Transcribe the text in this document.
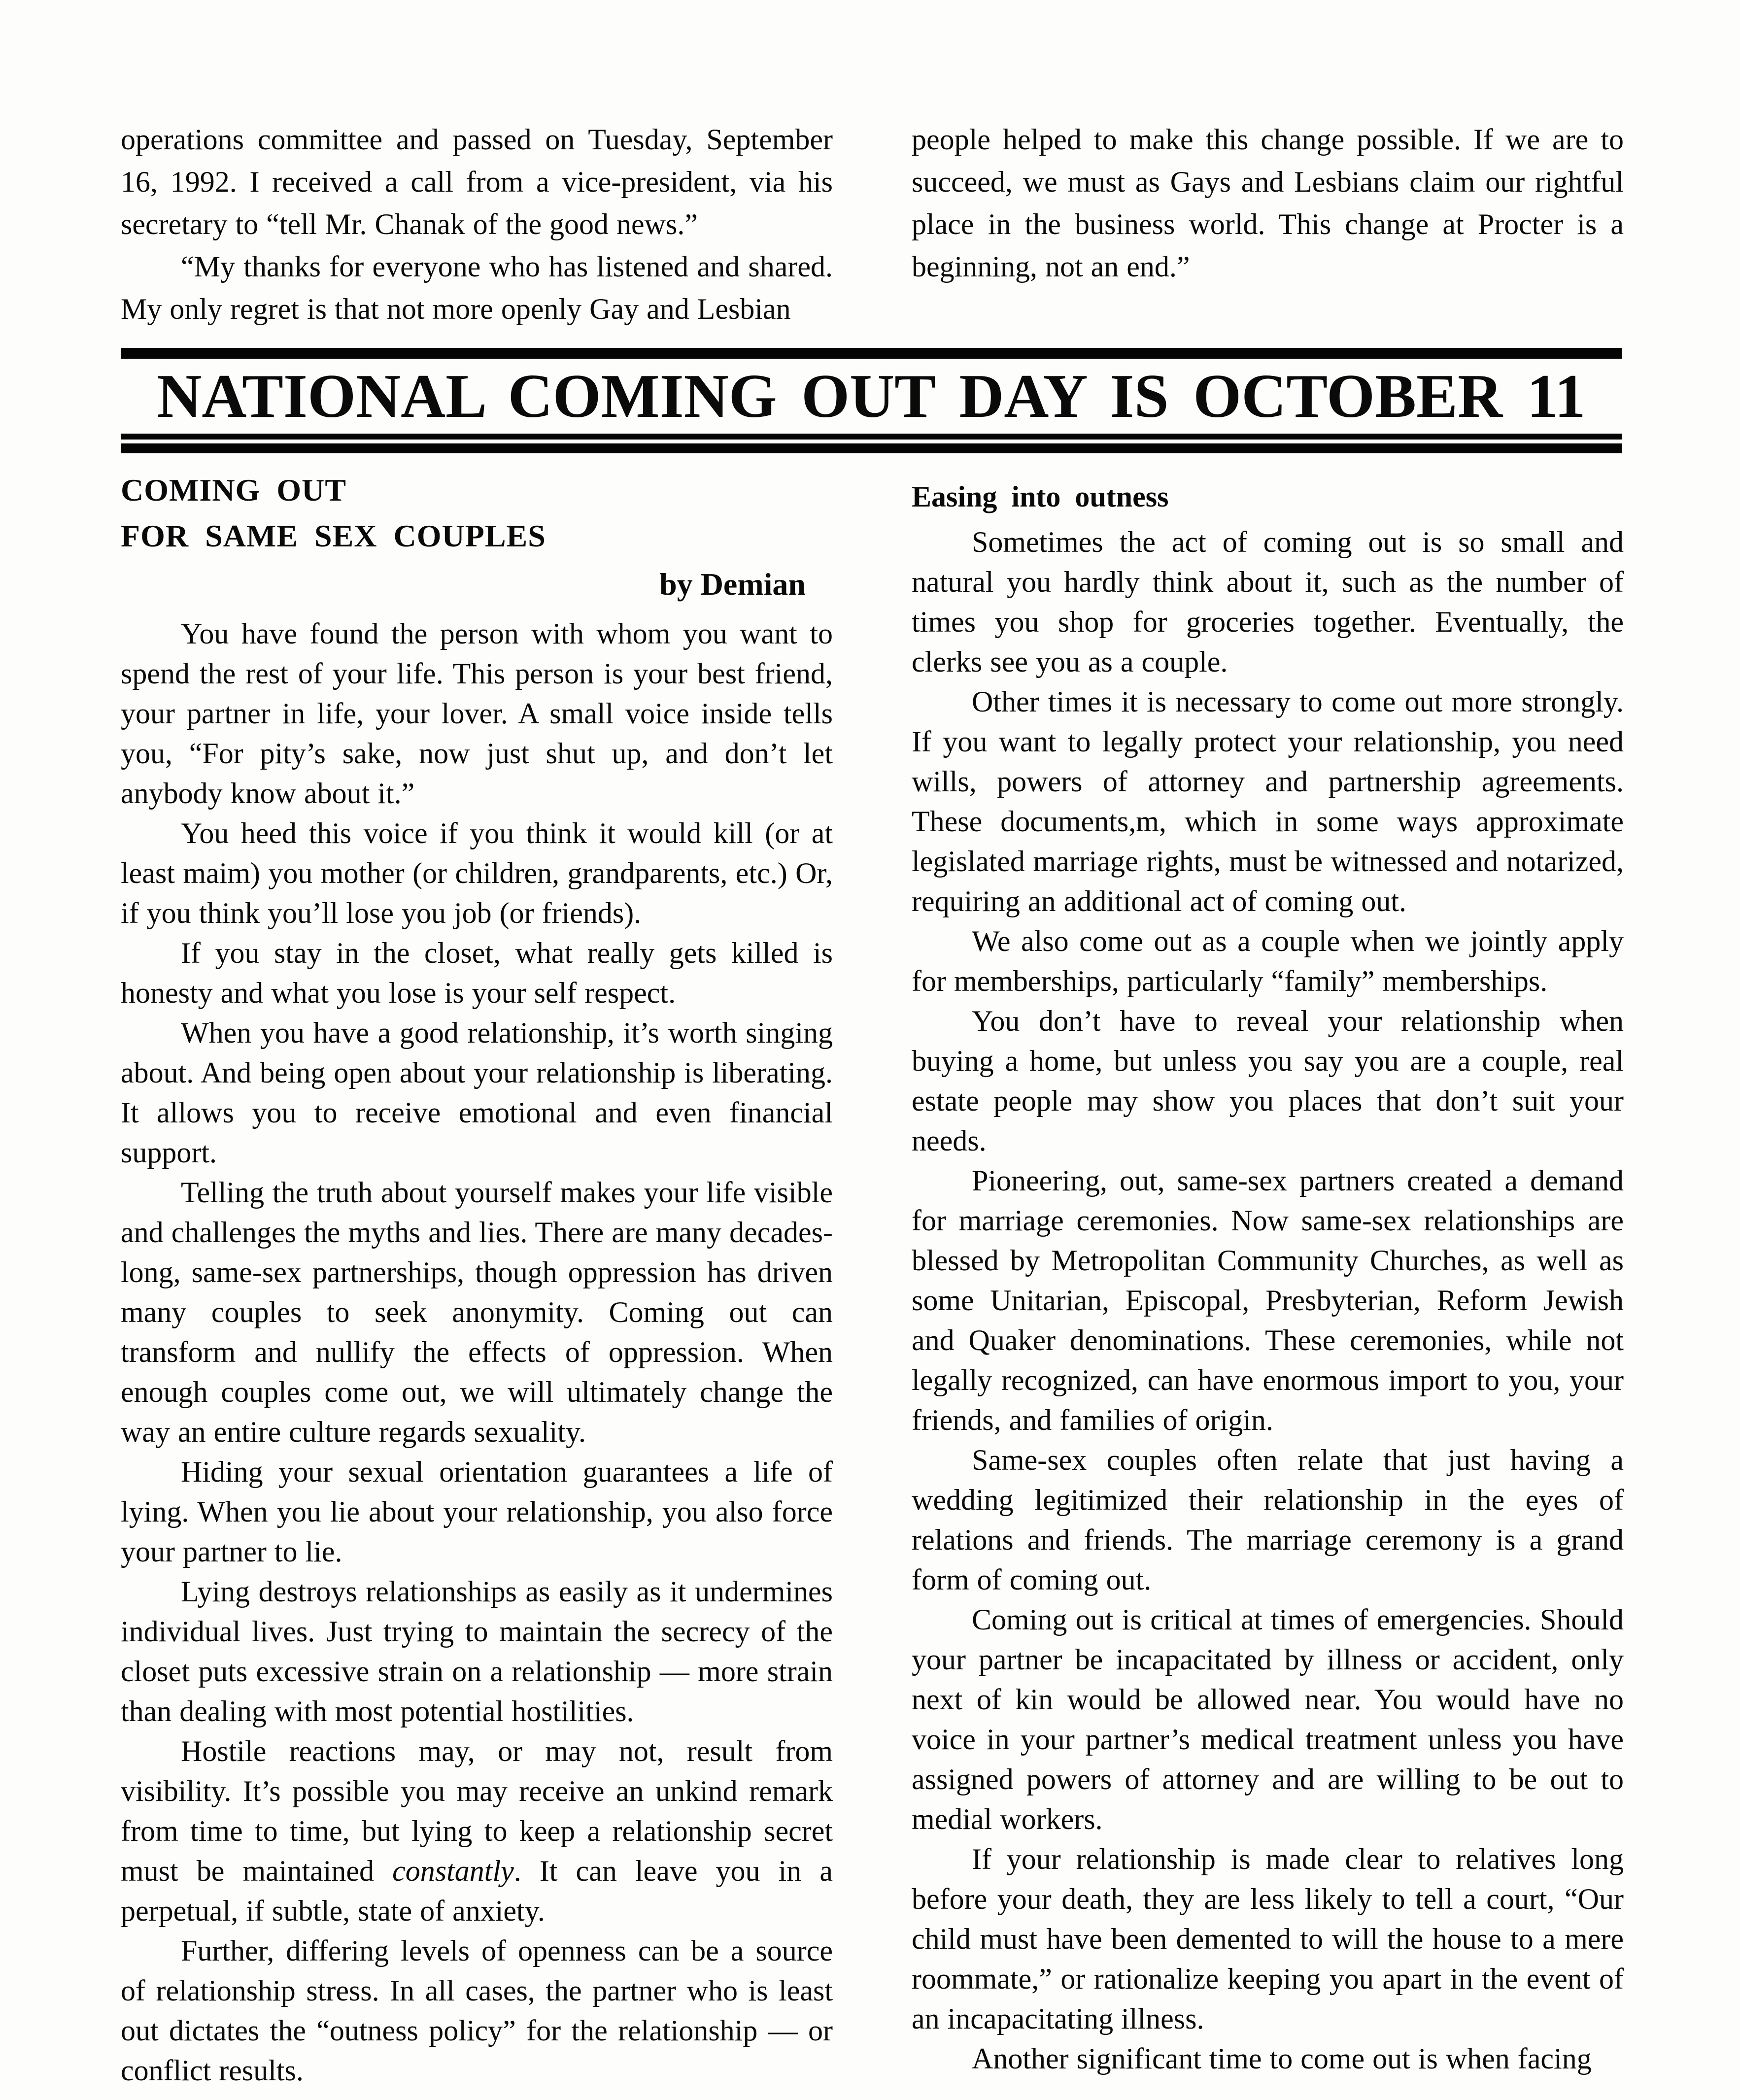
operations committee and passed on Tuesday, September 16, 1992. I received a call from a vice-president, via his secretary to “tell Mr. Chanak of the good news.”

“My thanks for everyone who has listened and shared. My only regret is that not more openly Gay and Lesbian

people helped to make this change possible. If we are to succeed, we must as Gays and Lesbians claim our rightful place in the business world. This change at Procter is a beginning, not an end.”

NATIONAL COMING OUT DAY IS OCTOBER 11
COMING OUT
FOR SAME SEX COUPLES
by Demian

You have found the person with whom you want to spend the rest of your life. This person is your best friend, your partner in life, your lover. A small voice inside tells you, “For pity’s sake, now just shut up, and don’t let anybody know about it.”

You heed this voice if you think it would kill (or at least maim) you mother (or children, grandparents, etc.) Or, if you think you’ll lose you job (or friends).

If you stay in the closet, what really gets killed is honesty and what you lose is your self respect.

When you have a good relationship, it’s worth singing about. And being open about your relationship is liberating. It allows you to receive emotional and even financial support.

Telling the truth about yourself makes your life visible and challenges the myths and lies. There are many decades-long, same-sex partnerships, though oppression has driven many couples to seek anonymity. Coming out can transform and nullify the effects of oppression. When enough couples come out, we will ultimately change the way an entire culture regards sexuality.

Hiding your sexual orientation guarantees a life of lying. When you lie about your relationship, you also force your partner to lie.

Lying destroys relationships as easily as it undermines individual lives. Just trying to maintain the secrecy of the closet puts excessive strain on a relationship — more strain than dealing with most potential hostilities.

Hostile reactions may, or may not, result from visibility. It’s possible you may receive an unkind remark from time to time, but lying to keep a relationship secret must be maintained constantly. It can leave you in a perpetual, if subtle, state of anxiety.

Further, differing levels of openness can be a source of relationship stress. In all cases, the partner who is least out dictates the “outness policy” for the relationship — or conflict results.

Easing into outness

Sometimes the act of coming out is so small and natural you hardly think about it, such as the number of times you shop for groceries together. Eventually, the clerks see you as a couple.

Other times it is necessary to come out more strongly. If you want to legally protect your relationship, you need wills, powers of attorney and partnership agreements. These documents,m, which in some ways approximate legislated marriage rights, must be witnessed and notarized, requiring an additional act of coming out.

We also come out as a couple when we jointly apply for memberships, particularly “family” memberships.

You don’t have to reveal your relationship when buying a home, but unless you say you are a couple, real estate people may show you places that don’t suit your needs.

Pioneering, out, same-sex partners created a demand for marriage ceremonies. Now same-sex relationships are blessed by Metropolitan Community Churches, as well as some Unitarian, Episcopal, Presbyterian, Reform Jewish and Quaker denominations. These ceremonies, while not legally recognized, can have enormous import to you, your friends, and families of origin.

Same-sex couples often relate that just having a wedding legitimized their relationship in the eyes of relations and friends. The marriage ceremony is a grand form of coming out.

Coming out is critical at times of emergencies. Should your partner be incapacitated by illness or accident, only next of kin would be allowed near. You would have no voice in your partner’s medical treatment unless you have assigned powers of attorney and are willing to be out to medial workers.

If your relationship is made clear to relatives long before your death, they are less likely to tell a court, “Our child must have been demented to will the house to a mere roommate,” or rationalize keeping you apart in the event of an incapacitating illness.

Another significant time to come out is when facing
